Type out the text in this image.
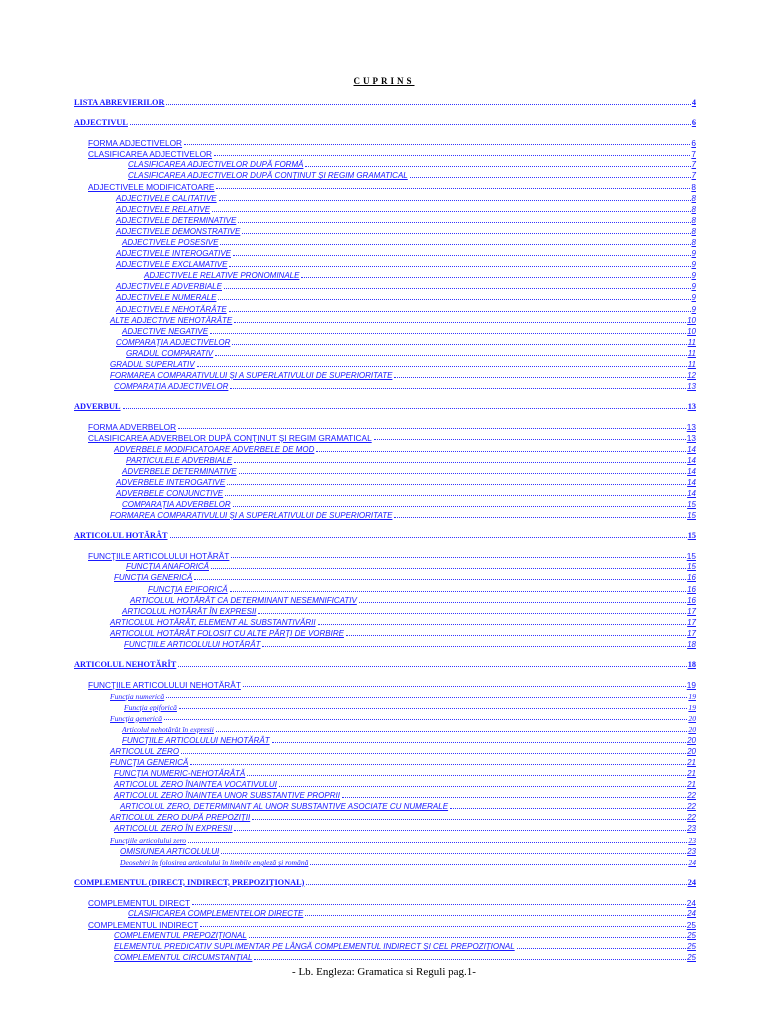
CUPRINS
LISTA ABREVIERILOR	4
ADJECTIVUL	6
FORMA ADJECTIVELOR	6
CLASIFICAREA ADJECTIVELOR	7
CLASIFICAREA ADJECTIVELOR DUPĂ FORMĂ	7
CLASIFICAREA ADJECTIVELOR DUPĂ CONŢINUT ŞI REGIM GRAMATICAL	7
ADJECTIVELE MODIFICATOARE	8
ADJECTIVELE CALITATIVE	8
ADJECTIVELE RELATIVE	8
ADJECTIVELE DETERMINATIVE	8
ADJECTIVELE DEMONSTRATIVE	8
ADJECTIVELE POSESIVE	8
ADJECTIVELE INTEROGATIVE	9
ADJECTIVELE EXCLAMATIVE	9
ADJECTIVELE RELATIVE PRONOMINALE	9
ADJECTIVELE ADVERBIALE	9
ADJECTIVELE NUMERALE	9
ADJECTIVELE NEHOTĂRÂTE	9
ALTE ADJECTIVE NEHOTĂRÂTE	10
ADJECTIVE NEGATIVE	10
COMPARAŢIA ADJECTIVELOR	11
GRADUL COMPARATIV	11
GRADUL SUPERLATIV	11
FORMAREA COMPARATIVULUI ŞI A SUPERLATIVULUI DE SUPERIORITATE	12
COMPARAŢIA ADJECTIVELOR	13
ADVERBUL	13
FORMA ADVERBELOR	13
CLASIFICAREA ADVERBELOR DUPĂ CONŢINUT ŞI REGIM GRAMATICAL	13
ADVERBELE MODIFICATOARE ADVERBELE DE MOD	14
PARTICULELE ADVERBIALE	14
ADVERBELE DETERMINATIVE	14
ADVERBELE INTEROGATIVE	14
ADVERBELE CONJUNCTIVE	14
COMPARAŢIA ADVERBELOR	15
FORMAREA COMPARATIVULUI ŞI A SUPERLATIVULUI DE SUPERIORITATE	15
ARTICOLUL HOTĂRÂT	15
FUNCŢIILE ARTICOLULUI HOTĂRÂT	15
FUNCŢIA ANAFORICĂ	15
FUNCŢIA GENERICĂ	16
FUNCŢIA EPIFORICĂ	16
ARTICOLUL HOTĂRÂT CA DETERMINANT NESEMNIFICATIV	16
ARTICOLUL HOTĂRÂT ÎN EXPRESII	17
ARTICOLUL HOTĂRÂT, ELEMENT AL SUBSTANTIVĂRII	17
ARTICOLUL HOTĂRÂT FOLOSIT CU ALTE PĂRŢI DE VORBIRE	17
FUNCŢIILE ARTICOLULUI HOTĂRÂT	18
ARTICOLUL NEHOTĂRÎT	18
FUNCŢIILE ARTICOLULUI NEHOTĂRÂT	19
Funcţia numerică	19
Funcţia epiforică	19
Funcţia generică	20
Articolul nehotărât în expresii	20
FUNCŢIILE ARTICOLULUI NEHOTĂRÂT	20
ARTICOLUL ZERO	20
FUNCŢIA GENERICĂ	21
FUNCŢIA NUMERIC-NEHOTĂRÂTĂ	21
ARTICOLUL ZERO ÎNAINTEA VOCATIVULUI	21
ARTICOLUL ZERO ÎNAINTEA UNOR SUBSTANTIVE PROPRII	22
ARTICOLUL ZERO, DETERMINANT AL UNOR SUBSTANTIVE ASOCIATE CU NUMERALE	22
ARTICOLUL ZERO DUPĂ PREPOZIŢII	22
ARTICOLUL ZERO ÎN EXPRESII	23
Funcţiile articolului zero	23
OMISIUNEA ARTICOLULUI	23
Deosebiri în folosirea articolului în limbile engleză şi română	24
COMPLEMENTUL (DIRECT, INDIRECT, PREPOZIŢIONAL)	24
COMPLEMENTUL DIRECT	24
CLASIFICAREA COMPLEMENTELOR DIRECTE	24
COMPLEMENTUL INDIRECT	25
COMPLEMENTUL PREPOZIŢIONAL	25
ELEMENTUL PREDICATIV SUPLIMENTAR PE LÂNGĂ COMPLEMENTUL INDIRECT ŞI CEL PREPOZIŢIONAL	25
COMPLEMENTUL CIRCUMSTANŢIAL	25
- Lb. Engleza: Gramatica si Reguli pag.1-
